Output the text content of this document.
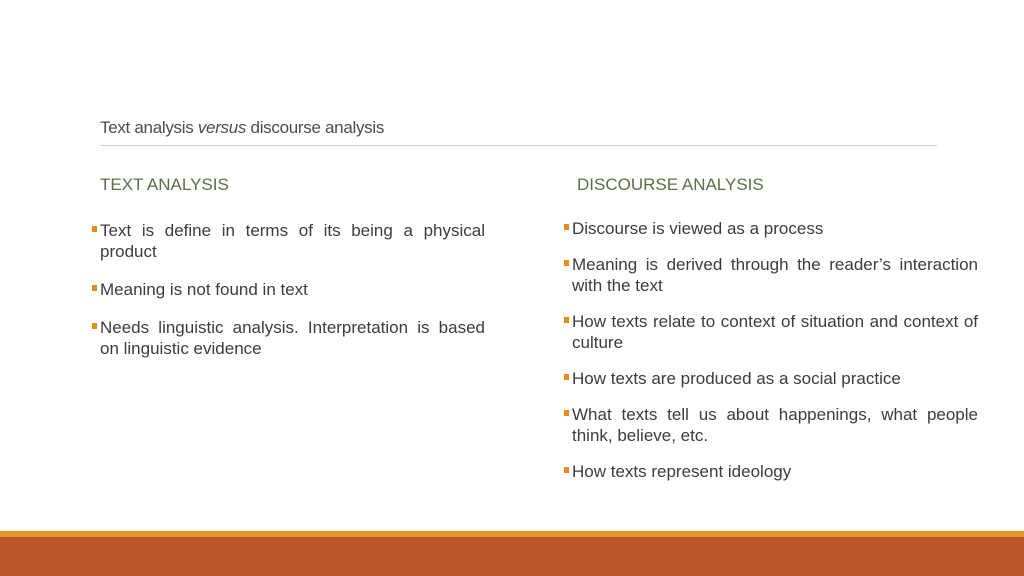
Text analysis versus discourse analysis
TEXT ANALYSIS	DISCOURSE ANALYSIS
Text is define in terms of its being a physical product
Meaning is not found in text
Needs linguistic analysis. Interpretation is based on linguistic evidence
Discourse is viewed as a process
Meaning is derived through the reader’s interaction with the text
How texts relate to context of situation and context of culture
How texts are produced as a social practice
What texts tell us about happenings, what people think, believe, etc.
How texts represent ideology
